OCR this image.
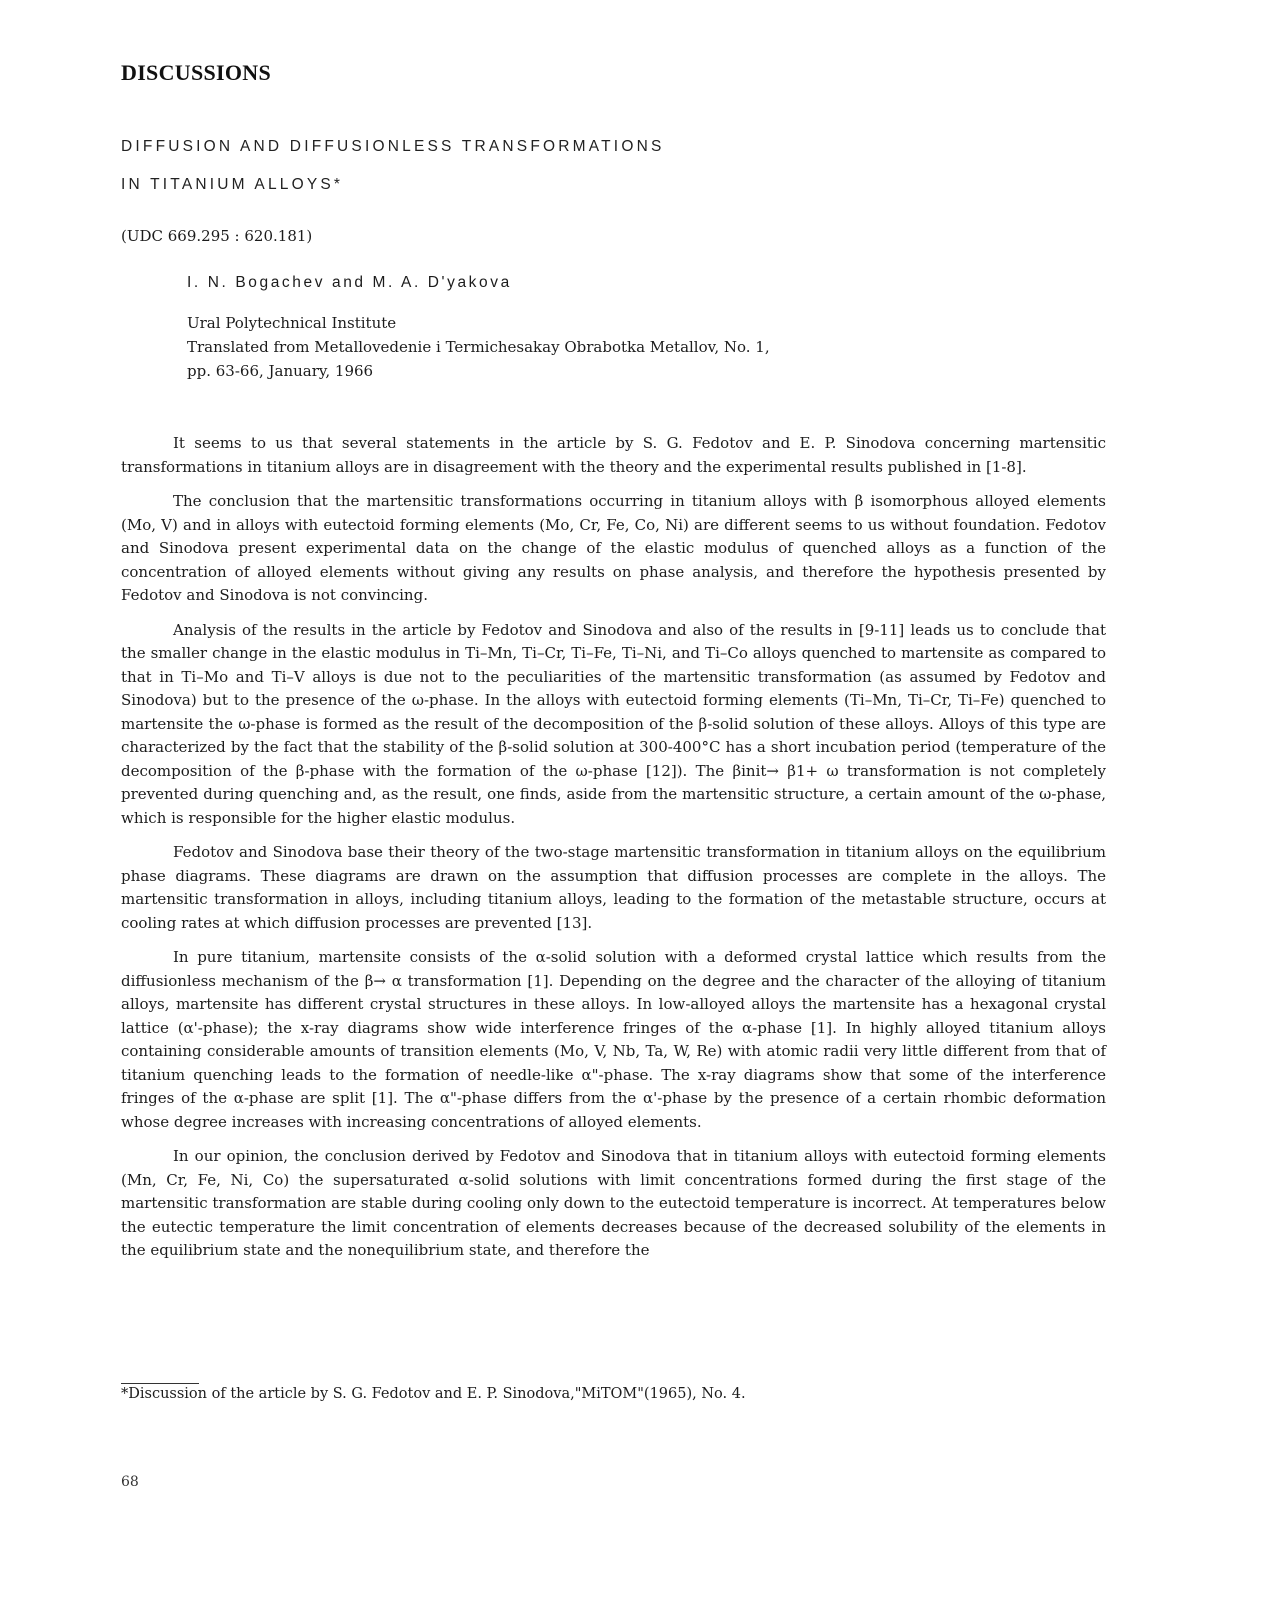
DISCUSSIONS
DIFFUSION AND DIFFUSIONLESS TRANSFORMATIONS
IN TITANIUM ALLOYS*
(UDC 669.295 : 620.181)
I. N. Bogachev and M. A. D'yakova
Ural Polytechnical Institute
Translated from Metallovedenie i Termichesakay Obrabotka Metallov, No. 1,
pp. 63-66, January, 1966

It seems to us that several statements in the article by S. G. Fedotov and E. P. Sinodova concerning martensitic transformations in titanium alloys are in disagreement with the theory and the experimental results published in [1-8].

The conclusion that the martensitic transformations occurring in titanium alloys with β isomorphous alloyed elements (Mo, V) and in alloys with eutectoid forming elements (Mo, Cr, Fe, Co, Ni) are different seems to us without foundation. Fedotov and Sinodova present experimental data on the change of the elastic modulus of quenched alloys as a function of the concentration of alloyed elements without giving any results on phase analysis, and therefore the hypothesis presented by Fedotov and Sinodova is not convincing.

Analysis of the results in the article by Fedotov and Sinodova and also of the results in [9-11] leads us to conclude that the smaller change in the elastic modulus in Ti–Mn, Ti–Cr, Ti–Fe, Ti–Ni, and Ti–Co alloys quenched to martensite as compared to that in Ti–Mo and Ti–V alloys is due not to the peculiarities of the martensitic transformation (as assumed by Fedotov and Sinodova) but to the presence of the ω-phase. In the alloys with eutectoid forming elements (Ti–Mn, Ti–Cr, Ti–Fe) quenched to martensite the ω-phase is formed as the result of the decomposition of the β-solid solution of these alloys. Alloys of this type are characterized by the fact that the stability of the β-solid solution at 300-400°C has a short incubation period (temperature of the decomposition of the β-phase with the formation of the ω-phase [12]). The βinit→ β1+ ω transformation is not completely prevented during quenching and, as the result, one finds, aside from the martensitic structure, a certain amount of the ω-phase, which is responsible for the higher elastic modulus.

Fedotov and Sinodova base their theory of the two-stage martensitic transformation in titanium alloys on the equilibrium phase diagrams. These diagrams are drawn on the assumption that diffusion processes are complete in the alloys. The martensitic transformation in alloys, including titanium alloys, leading to the formation of the metastable structure, occurs at cooling rates at which diffusion processes are prevented [13].

In pure titanium, martensite consists of the α-solid solution with a deformed crystal lattice which results from the diffusionless mechanism of the β→ α transformation [1]. Depending on the degree and the character of the alloying of titanium alloys, martensite has different crystal structures in these alloys. In low-alloyed alloys the martensite has a hexagonal crystal lattice (α'-phase); the x-ray diagrams show wide interference fringes of the α-phase [1]. In highly alloyed titanium alloys containing considerable amounts of transition elements (Mo, V, Nb, Ta, W, Re) with atomic radii very little different from that of titanium quenching leads to the formation of needle-like α"-phase. The x-ray diagrams show that some of the interference fringes of the α-phase are split [1]. The α"-phase differs from the α'-phase by the presence of a certain rhombic deformation whose degree increases with increasing concentrations of alloyed elements.

In our opinion, the conclusion derived by Fedotov and Sinodova that in titanium alloys with eutectoid forming elements (Mn, Cr, Fe, Ni, Co) the supersaturated α-solid solutions with limit concentrations formed during the first stage of the martensitic transformation are stable during cooling only down to the eutectoid temperature is incorrect. At temperatures below the eutectic temperature the limit concentration of elements decreases because of the decreased solubility of the elements in the equilibrium state and the nonequilibrium state, and therefore the

*Discussion of the article by S. G. Fedotov and E. P. Sinodova,"MiTOM"(1965), No. 4.
68
